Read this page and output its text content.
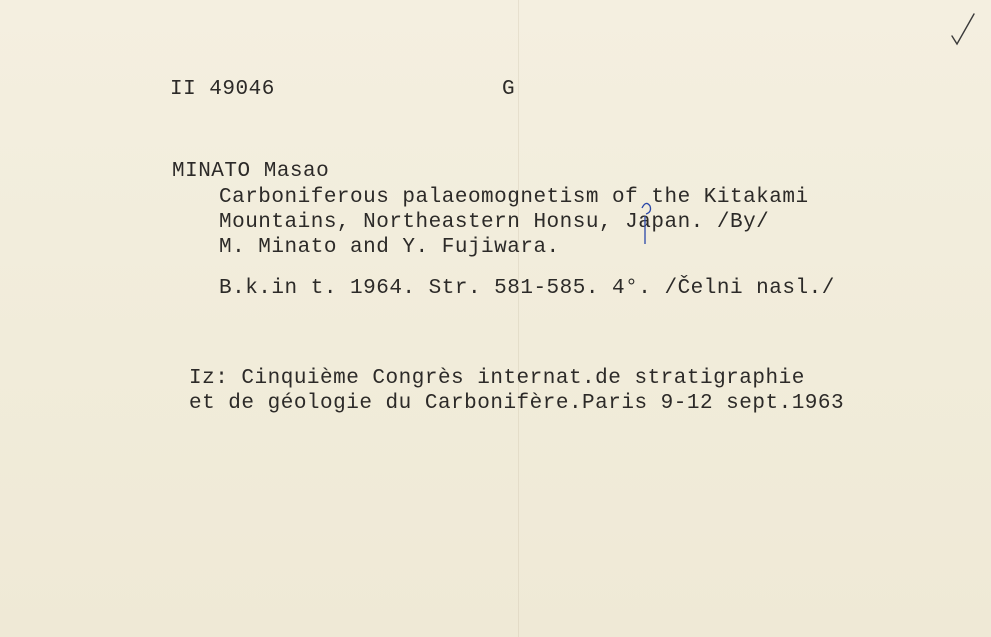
II 49046	G
MINATO Masao
Carboniferous palaeomognetism of the Kitakami
Mountains, Northeastern Honsu, Japan. /By/
M. Minato and Y. Fujiwara.
B.k.in t. 1964. Str. 581-585. 4°. /Čelni nasl./
Iz: Cinquième Congrès internat.de stratigraphie
et de géologie du Carbonifère.Paris 9-12 sept.1963
